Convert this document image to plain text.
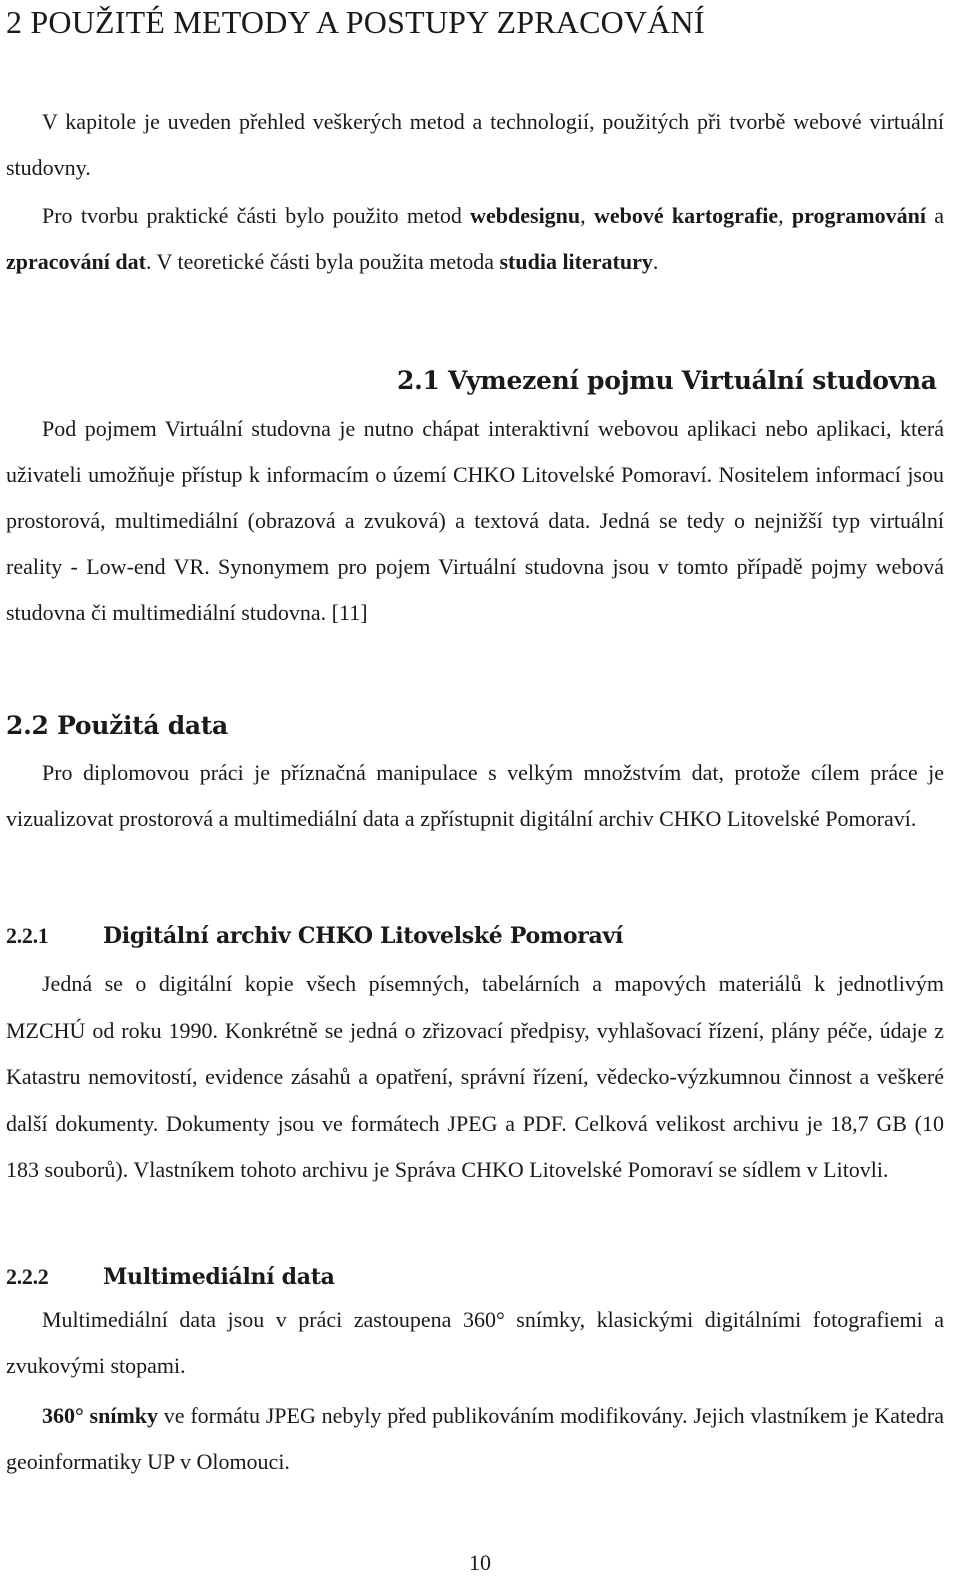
2 POUŽITÉ METODY A POSTUPY ZPRACOVÁNÍ

V kapitole je uveden přehled veškerých metod a technologií, použitých při tvorbě webové virtuální studovny.

Pro tvorbu praktické části bylo použito metod webdesignu, webové kartografie, programování a zpracování dat. V teoretické části byla použita metoda studia literatury.

2.1 Vymezení pojmu Virtuální studovna

Pod pojmem Virtuální studovna je nutno chápat interaktivní webovou aplikaci nebo aplikaci, která uživateli umožňuje přístup k informacím o území CHKO Litovelské Pomoraví. Nositelem informací jsou prostorová, multimediální (obrazová a zvuková) a textová data. Jedná se tedy o nejnižší typ virtuální reality - Low-end VR. Synonymem pro pojem Virtuální studovna jsou v tomto případě pojmy webová studovna či multimediální studovna. [11]

2.2 Použitá data

Pro diplomovou práci je příznačná manipulace s velkým množstvím dat, protože cílem práce je vizualizovat prostorová a multimediální data a zpřístupnit digitální archiv CHKO Litovelské Pomoraví.

2.2.1 Digitální archiv CHKO Litovelské Pomoraví

Jedná se o digitální kopie všech písemných, tabelárních a mapových materiálů k jednotlivým MZCHÚ od roku 1990. Konkrétně se jedná o zřizovací předpisy, vyhlašovací řízení, plány péče, údaje z Katastru nemovitostí, evidence zásahů a opatření, správní řízení, vědecko-výzkumnou činnost a veškeré další dokumenty. Dokumenty jsou ve formátech JPEG a PDF. Celková velikost archivu je 18,7 GB (10 183 souborů). Vlastníkem tohoto archivu je Správa CHKO Litovelské Pomoraví se sídlem v Litovli.

2.2.2 Multimediální data

Multimediální data jsou v práci zastoupena 360° snímky, klasickými digitálními fotografiemi a zvukovými stopami.

360° snímky ve formátu JPEG nebyly před publikováním modifikovány. Jejich vlastníkem je Katedra geoinformatiky UP v Olomouci.

10
